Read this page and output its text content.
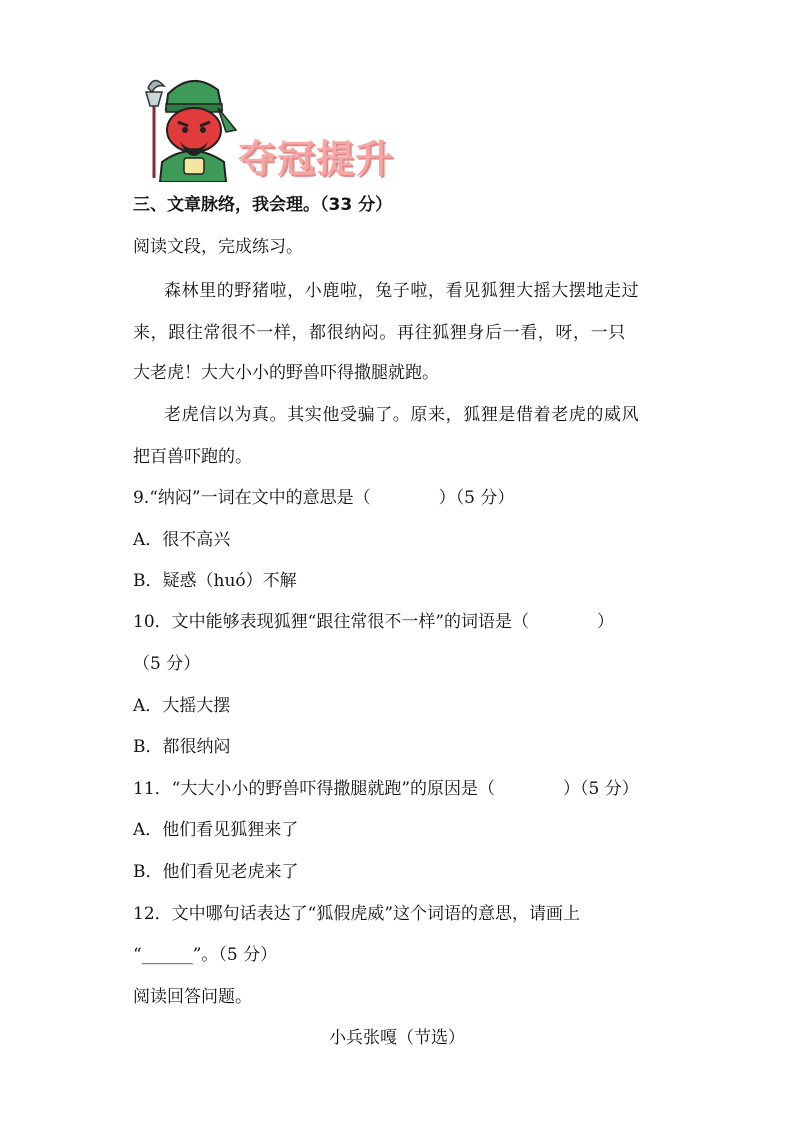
夺冠提升
三、文章脉络，我会理。（33 分）
阅读文段，完成练习。
森林里的野猪啦，小鹿啦，兔子啦，看见狐狸大摇大摆地走过
来，跟往常很不一样，都很纳闷。再往狐狸身后一看，呀，一只
大老虎！大大小小的野兽吓得撒腿就跑。
老虎信以为真。其实他受骗了。原来，狐狸是借着老虎的威风
把百兽吓跑的。
9.“纳闷”一词在文中的意思是（　　　　）（5 分）
A．很不高兴
B．疑惑（huó）不解
10．文中能够表现狐狸“跟往常很不一样”的词语是（　　　　）
（5 分）
A．大摇大摆
B．都很纳闷
11．“大大小小的野兽吓得撒腿就跑”的原因是（　　　　）（5 分）
A．他们看见狐狸来了
B．他们看见老虎来了
12．文中哪句话表达了“狐假虎威”这个词语的意思，请画上
“______”。（5 分）
阅读回答问题。
小兵张嘎（节选）
